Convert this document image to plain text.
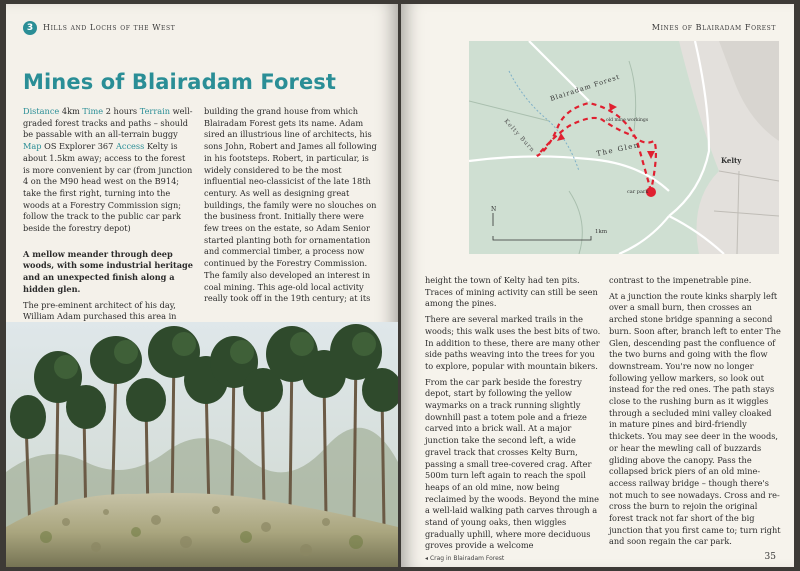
3	Hills and Lochs of the West
Mines of Blairadam Forest

Distance 4km Time 2 hours Terrain well-graded forest tracks and paths – should be passable with an all-terrain buggy Map OS Explorer 367 Access Kelty is about 1.5km away; access to the forest is more convenient by car (from junction 4 on the M90 head west on the B914; take the first right, turning into the woods at a Forestry Commission sign; follow the track to the public car park beside the forestry depot)

A mellow meander through deep woods, with some industrial heritage and an unexpected finish along a hidden glen.

The pre-eminent architect of his day, William Adam purchased this area in

building the grand house from which Blairadam Forest gets its name. Adam sired an illustrious line of architects, his sons John, Robert and James all following in his footsteps. Robert, in particular, is widely considered to be the most influential neo-classicist of the late 18th century. As well as designing great buildings, the family were no slouches on the business front. Initially there were few trees on the estate, so Adam Senior started planting both for ornamentation and commercial timber, a process now continued by the Forestry Commission. The family also developed an interest in coal mining. This age-old local activity really took off in the 19th century; at its

Mines of Blairadam Forest
Blairadam Forest
Kelty Burn	The Glen
old mine workings
car park
Kelty
N
1km

height the town of Kelty had ten pits. Traces of mining activity can still be seen among the pines.

There are several marked trails in the woods; this walk uses the best bits of two. In addition to these, there are many other side paths weaving into the trees for you to explore, popular with mountain bikers.

From the car park beside the forestry depot, start by following the yellow waymarks on a track running slightly downhill past a totem pole and a frieze carved into a brick wall. At a major junction take the second left, a wide gravel track that crosses Kelty Burn, passing a small tree-covered crag. After 500m turn left again to reach the spoil heaps of an old mine, now being reclaimed by the woods. Beyond the mine a well-laid walking path carves through a stand of young oaks, then wiggles gradually uphill, where more deciduous groves provide a welcome

contrast to the impenetrable pine.

At a junction the route kinks sharply left over a small burn, then crosses an arched stone bridge spanning a second burn. Soon after, branch left to enter The Glen, descending past the confluence of the two burns and going with the flow downstream. You're now no longer following yellow markers, so look out instead for the red ones. The path stays close to the rushing burn as it wiggles through a secluded mini valley cloaked in mature pines and bird-friendly thickets. You may see deer in the woods, or hear the mewling call of buzzards gliding above the canopy. Pass the collapsed brick piers of an old mine-access railway bridge – though there's not much to see nowadays. Cross and re-cross the burn to rejoin the original forest track not far short of the big junction that you first came to; turn right and soon regain the car park.

◂ Crag in Blairadam Forest	35
